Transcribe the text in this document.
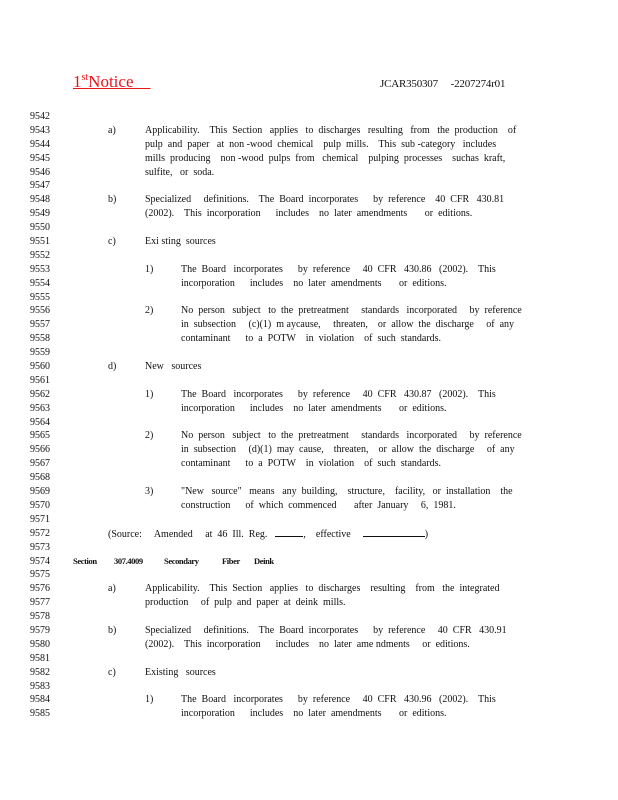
1stNotice	JCAR350307     -2207274r01
9542
9543	a)	Applicability.    This  Section   applies   to  discharges   resulting   from   the  production    of
9544	pulp  and  paper   at  non -wood  chemical    pulp  mills.    This  sub -category   includes
9545	mills  producing    non -wood  pulps  from   chemical    pulping  processes    suchas  kraft,
9546	sulfite,   or  soda.
9547
9548	b)	Specialized     definitions.    The  Board  incorporates      by  reference    40  CFR   430.81
9549	(2002).    This  incorporation      includes    no  later  amendments       or  editions.
9550
9551	c)	Exi sting  sources
9552
9553	1)	The  Board   incorporates      by  reference     40  CFR   430.86   (2002).    This
9554	incorporation      includes    no  later  amendments       or  editions.
9555
9556	2)	No  person   subject   to  the  pretreatment     standards   incorporated     by  reference
9557	in  subsection     (c)(1)  m aycause,     threaten,    or  allow  the  discharge     of  any
9558	contaminant      to  a  POTW    in  violation    of  such  standards.
9559
9560	d)	New   sources
9561
9562	1)	The  Board   incorporates      by  reference     40  CFR   430.87   (2002).    This
9563	incorporation      includes    no  later  amendments       or  editions.
9564
9565	2)	No  person   subject   to  the  pretreatment     standards   incorporated     by  reference
9566	in  subsection     (d)(1)  may  cause,    threaten,    or  allow  the  discharge     of  any
9567	contaminant      to  a  POTW    in  violation    of  such  standards.
9568
9569	3)	"New   source"   means   any  building,    structure,    facility,   or  installation    the
9570	construction      of  which  commenced       after  January     6,  1981.
9571
9572	(Source:     Amended     at  46  Ill.  Reg.	,    effective	)
9573
9574	Section 307.4009	Secondary	Fiber Deink
9575
9576	a)	Applicability.    This  Section   applies   to  discharges    resulting    from   the  integrated
9577	production     of  pulp  and  paper  at  deink  mills.
9578
9579	b)	Specialized     definitions.    The  Board  incorporates      by  reference     40  CFR   430.91
9580	(2002).    This  incorporation      includes    no  later  ame ndments     or  editions.
9581
9582	c)	Existing   sources
9583
9584	1)	The  Board   incorporates      by  reference     40  CFR   430.96   (2002).    This
9585	incorporation      includes    no  later  amendments       or  editions.
